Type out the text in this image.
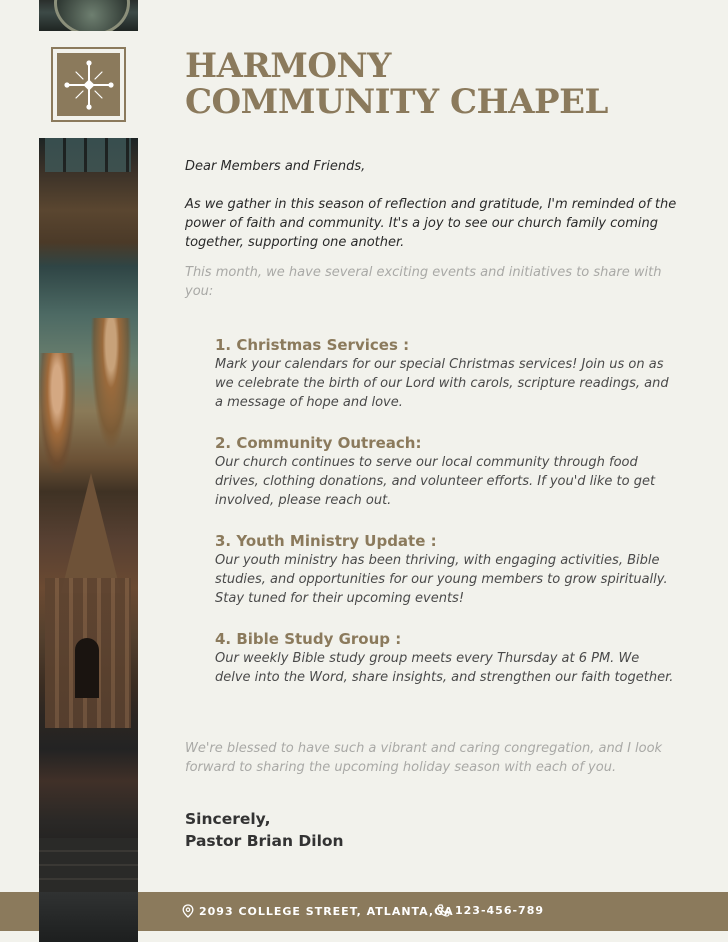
HARMONY
COMMUNITY CHAPEL

Dear Members and Friends,

As we gather in this season of reflection and gratitude, I'm reminded of the power of faith and community. It's a joy to see our church family coming together, supporting one another.

This month, we have several exciting events and initiatives to share with you:

1. Christmas Services :

Mark your calendars for our special Christmas services! Join us on as we celebrate the birth of our Lord with carols, scripture readings, and a message of hope and love.

2. Community Outreach:

Our church continues to serve our local community through food drives, clothing donations, and volunteer efforts. If you'd like to get involved, please reach out.

3. Youth Ministry Update :

Our youth ministry has been thriving, with engaging activities, Bible studies, and opportunities for our young members to grow spiritually. Stay tuned for their upcoming events!

4. Bible Study Group :

Our weekly Bible study group meets every Thursday at 6 PM. We delve into the Word, share insights, and strengthen our faith together.

We're blessed to have such a vibrant and caring congregation, and I look forward to sharing the upcoming holiday season with each of you.

Sincerely,
Pastor Brian Dilon
2093 COLLEGE STREET, ATLANTA,GA 123-456-789
